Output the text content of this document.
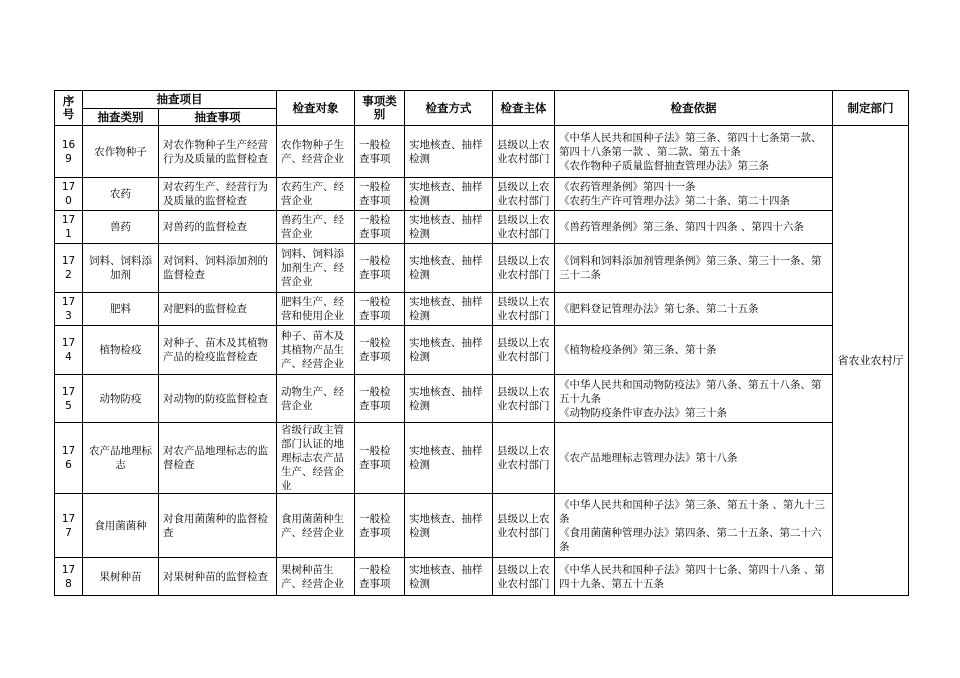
序号	抽查项目		检查对象	事项类别	检查方式	检查主体	检查依据	制定部门
	抽查类别	抽查事项						
169	农作物种子	对农作物种子生产经营行为及质量的监督检查	农作物种子生产、经营企业	一般检查事项	实地核查、抽样检测	县级以上农业农村部门	《中华人民共和国种子法》第三条、第四十七条第一款、第四十八条第一款 、第二款、第五十条
《农作物种子质量监督抽查管理办法》第三条	省农业农村厅
170	农药	对农药生产、经营行为及质量的监督检查	农药生产、经营企业	一般检查事项	实地核查、抽样检测	县级以上农业农村部门	《农药管理条例》第四十一条
《农药生产许可管理办法》第二十条、第二十四条	

171	兽药	对兽药的监督检查	兽药生产、经营企业	一般检查事项	实地核查、抽样检测	县级以上农业农村部门	《兽药管理条例》第三条、第四十四条 、第四十六条	

172	饲料、饲料添加剂	对饲料、饲料添加剂的监督检查	饲料、饲料添加剂生产、经营企业	一般检查事项	实地核查、抽样检测	县级以上农业农村部门	《饲料和饲料添加剂管理条例》第三条、第三十一条、第三十二条	

173	肥料	对肥料的监督检查	肥料生产、经营和使用企业	一般检查事项	实地核查、抽样检测	县级以上农业农村部门	《肥料登记管理办法》第七条、第二十五条	

174	植物检疫	对种子、苗木及其植物产品的检疫监督检查	种子、苗木及其植物产品生产、经营企业	一般检查事项	实地核查、抽样检测	县级以上农业农村部门	《植物检疫条例》第三条、第十条	

175	动物防疫	对动物的防疫监督检查	动物生产、经营企业	一般检查事项	实地核查、抽样检测	县级以上农业农村部门	《中华人民共和国动物防疫法》第八条、第五十八条、第五十九条
《动物防疫条件审查办法》第三十条	

176	农产品地理标志	对农产品地理标志的监督检查	省级行政主管部门认证的地理标志农产品生产、经营企业	一般检查事项	实地核查、抽样检测	县级以上农业农村部门	《农产品地理标志管理办法》第十八条	

177	食用菌菌种	对食用菌菌种的监督检查	食用菌菌种生产、经营企业	一般检查事项	实地核查、抽样检测	县级以上农业农村部门	《中华人民共和国种子法》第三条、第五十条 、第九十三条
《食用菌菌种管理办法》第四条、第二十五条、第二十六条	

178	果树种苗	对果树种苗的监督检查	果树种苗生产、经营企业	一般检查事项	实地核查、抽样检测	县级以上农业农村部门	《中华人民共和国种子法》第四十七条、第四十八条 、第四十九条、第五十五条	
